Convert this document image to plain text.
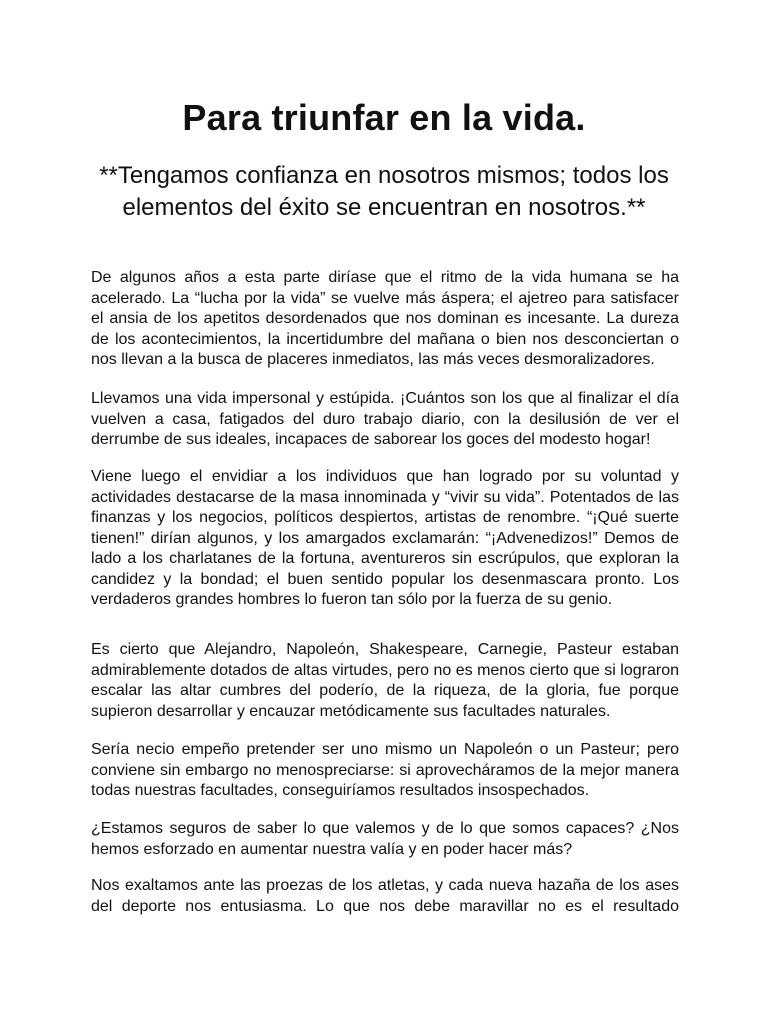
Para triunfar en la vida.
**Tengamos confianza en nosotros mismos; todos los elementos del éxito se encuentran en nosotros.**

De algunos años a esta parte diríase que el ritmo de la vida humana se ha acelerado. La “lucha por la vida” se vuelve más áspera; el ajetreo para satisfacer el ansia de los apetitos desordenados que nos dominan es incesante. La dureza de los acontecimientos, la incertidumbre del mañana o bien nos desconciertan o nos llevan a la busca de placeres inmediatos, las más veces desmoralizadores.

Llevamos una vida impersonal y estúpida. ¡Cuántos son los que al finalizar el día vuelven a casa, fatigados del duro trabajo diario, con la desilusión de ver el derrumbe de sus ideales, incapaces de saborear los goces del modesto hogar!

Viene luego el envidiar a los individuos que han logrado por su voluntad y actividades destacarse de la masa innominada y “vivir su vida”. Potentados de las finanzas y los negocios, políticos despiertos, artistas de renombre. “¡Qué suerte tienen!” dirían algunos, y los amargados exclamarán: “¡Advenedizos!” Demos de lado a los charlatanes de la fortuna, aventureros sin escrúpulos, que exploran la candidez y la bondad; el buen sentido popular los desenmascara pronto. Los verdaderos grandes hombres lo fueron tan sólo por la fuerza de su genio.

Es cierto que Alejandro, Napoleón, Shakespeare, Carnegie, Pasteur estaban admirablemente dotados de altas virtudes, pero no es menos cierto que si lograron escalar las altar cumbres del poderío, de la riqueza, de la gloria, fue porque supieron desarrollar y encauzar metódicamente sus facultades naturales.

Sería necio empeño pretender ser uno mismo un Napoleón o un Pasteur; pero conviene sin embargo no menospreciarse: si aprovecháramos de la mejor manera todas nuestras facultades, conseguiríamos resultados insospechados.

¿Estamos seguros de saber lo que valemos y de lo que somos capaces? ¿Nos hemos esforzado en aumentar nuestra valía y en poder hacer más?

Nos exaltamos ante las proezas de los atletas, y cada nueva hazaña de los ases del deporte nos entusiasma. Lo que nos debe maravillar no es el resultado
